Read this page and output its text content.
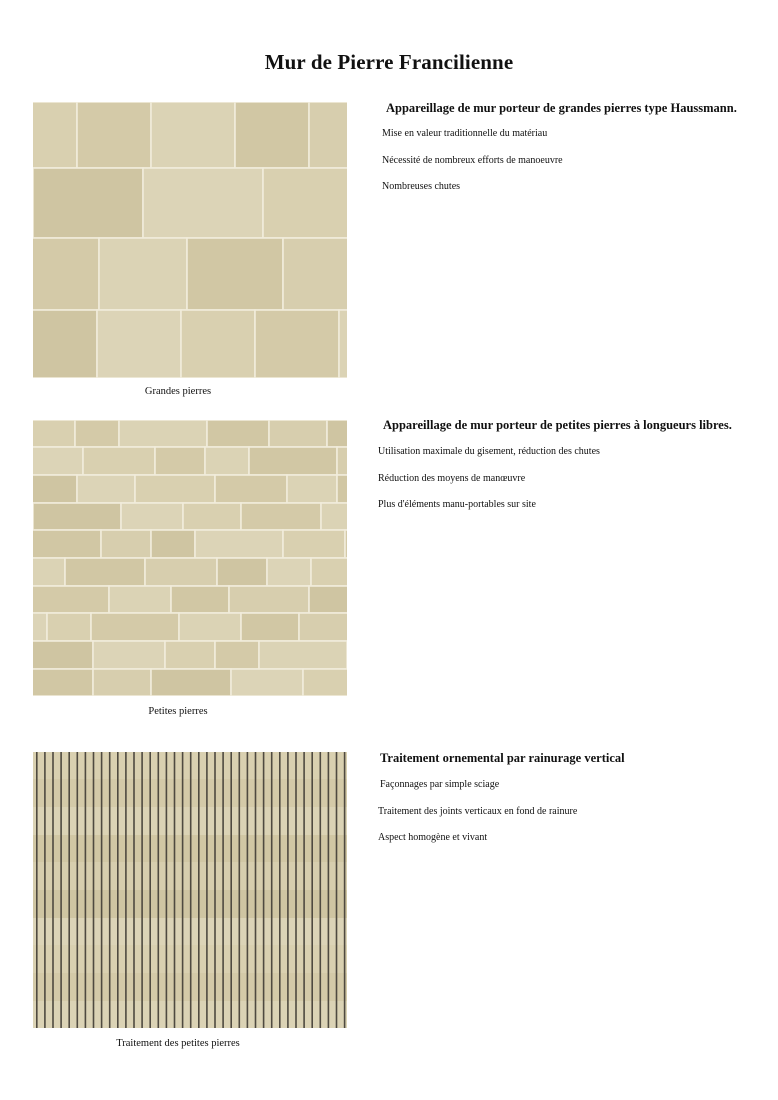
Mur de Pierre Francilienne
Grandes pierres
Appareillage de mur porteur de grandes pierres type Haussmann.
Mise en valeur traditionnelle du matériau
Nécessité de nombreux efforts de manoeuvre
Nombreuses chutes
Petites pierres
Appareillage de mur porteur de petites pierres à longueurs libres.
Utilisation maximale du gisement, réduction des chutes
Réduction des moyens de manœuvre
Plus d'éléments manu-portables sur site
Traitement des petites pierres
Traitement ornemental par rainurage vertical
Façonnages par simple sciage
Traitement des joints verticaux en fond de rainure
Aspect homogène et vivant
